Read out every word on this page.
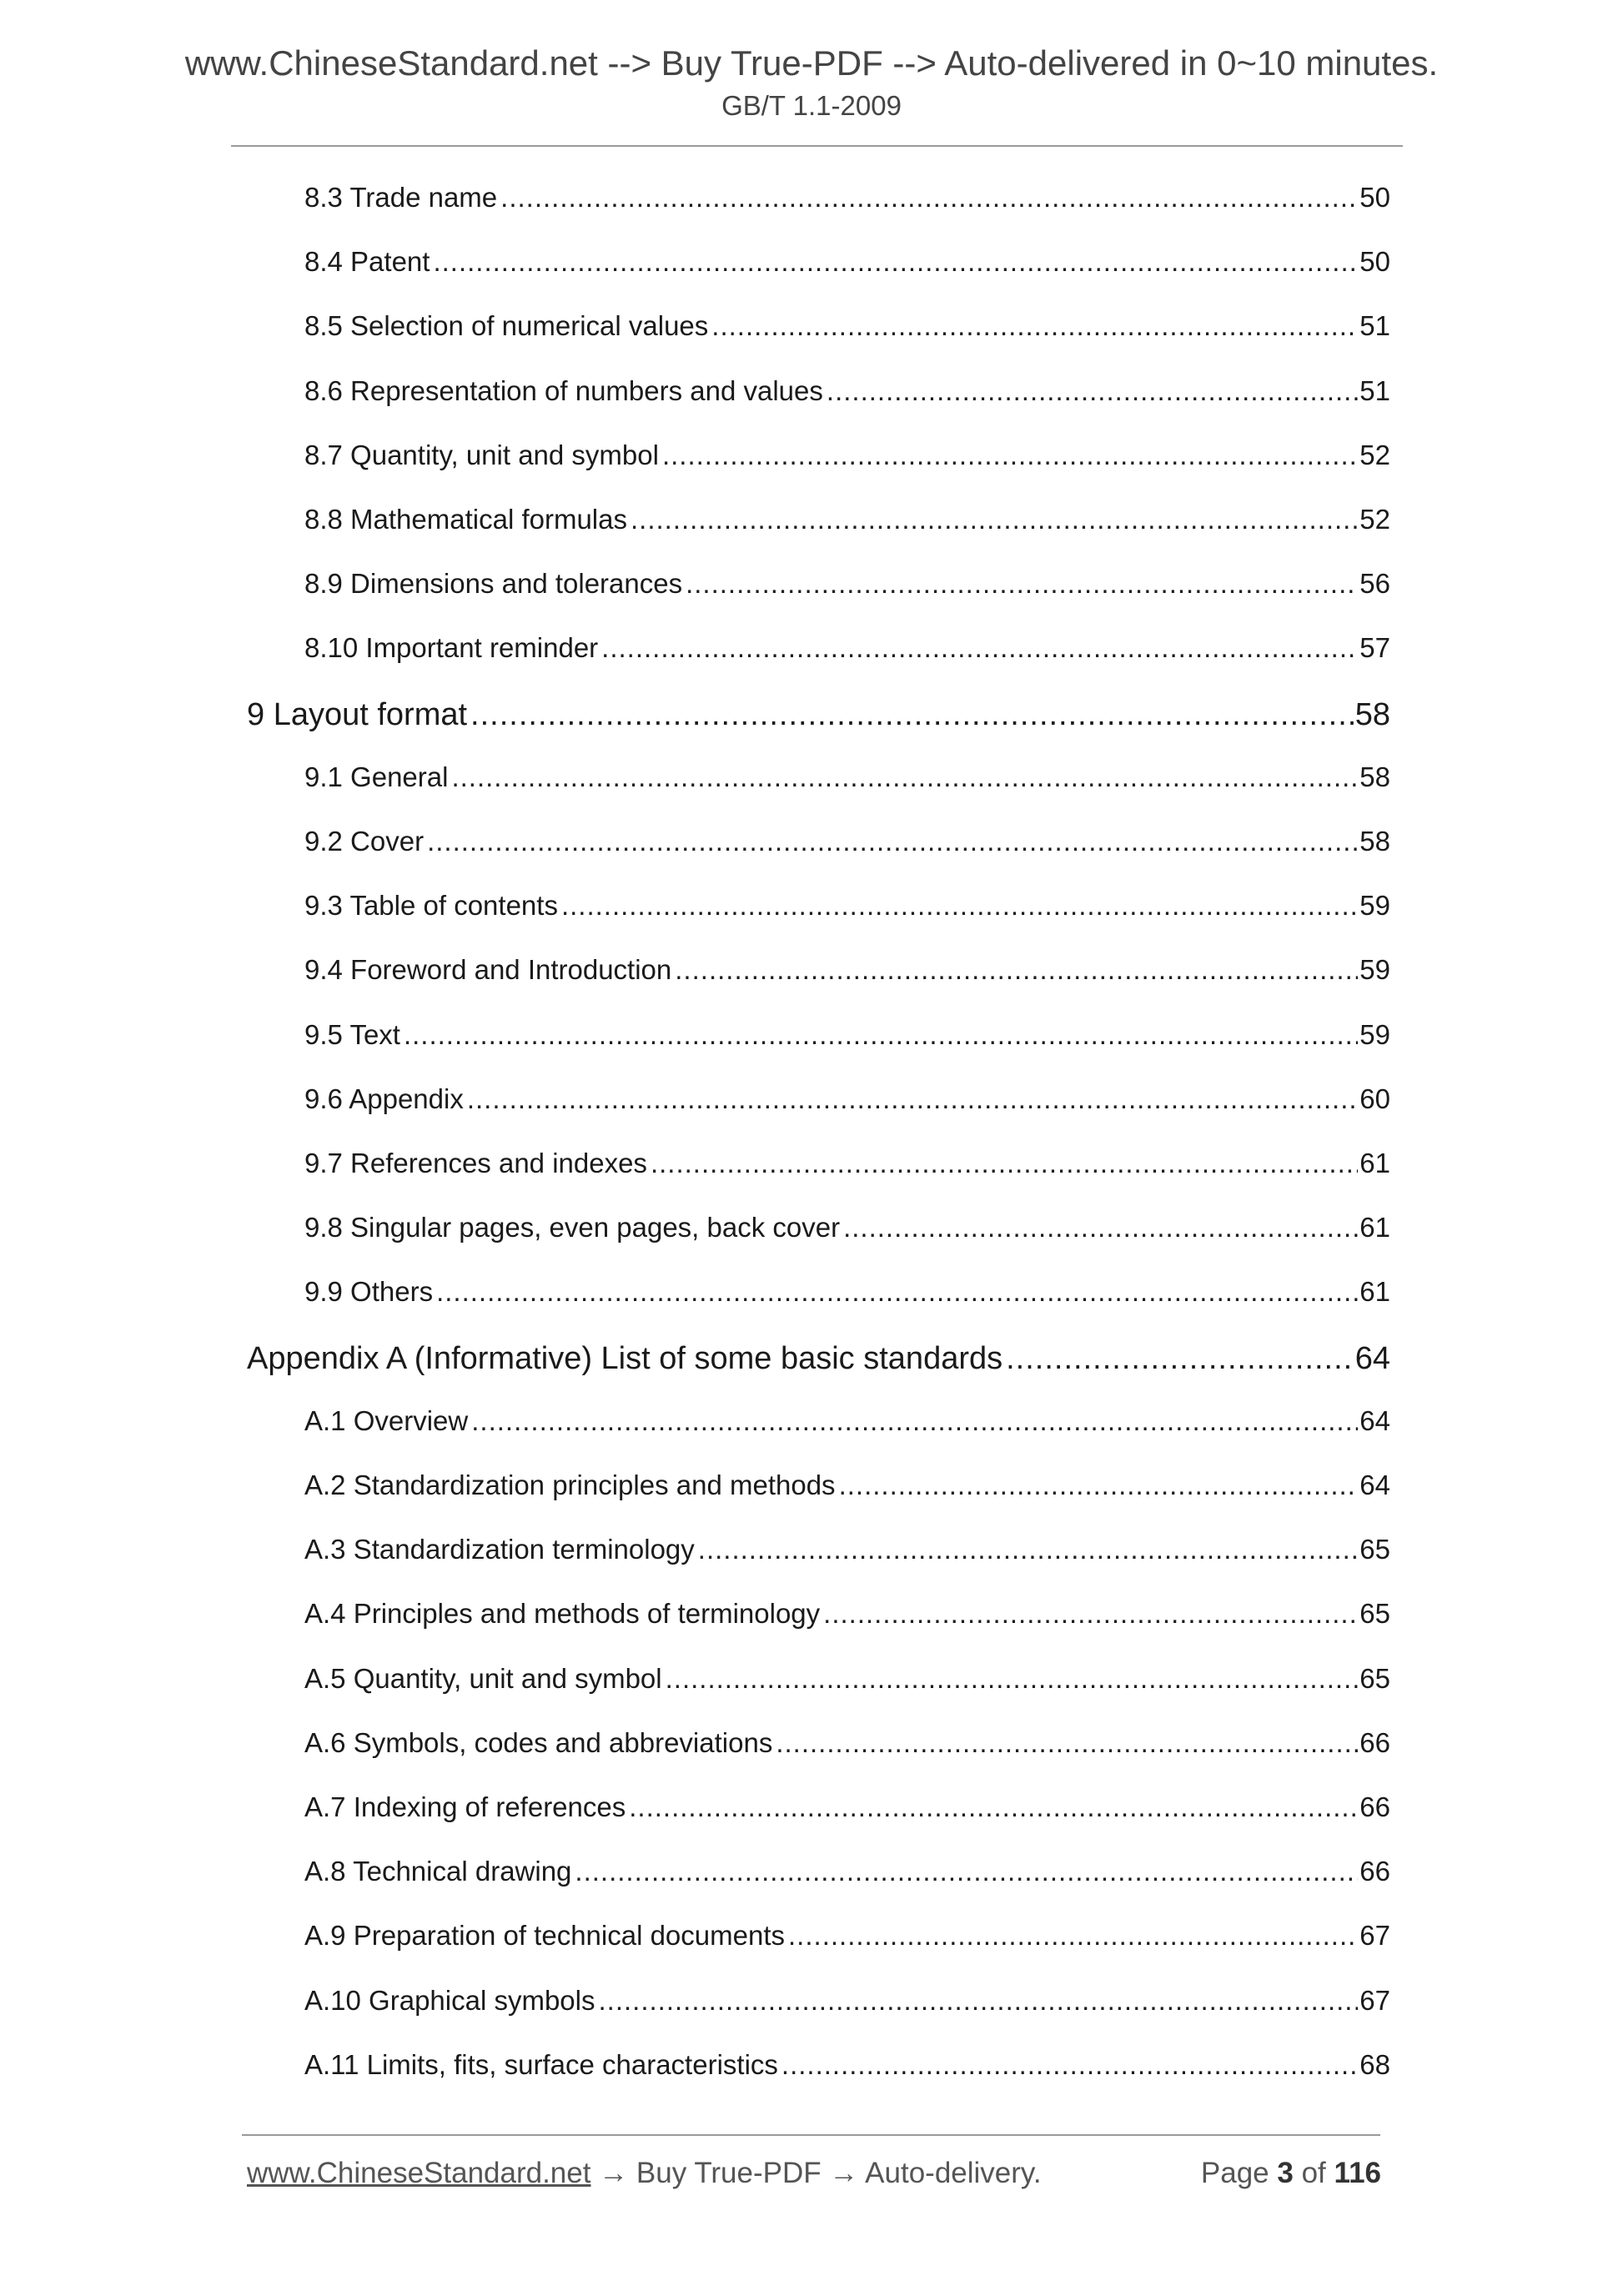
www.ChineseStandard.net --> Buy True-PDF --> Auto-delivered in 0~10 minutes.
GB/T 1.1-2009
8.3 Trade name .....	50
8.4 Patent .....	50
8.5 Selection of numerical values .....	51
8.6 Representation of numbers and values .....	51
8.7 Quantity, unit and symbol .....	52
8.8 Mathematical formulas .....	52
8.9 Dimensions and tolerances .....	56
8.10 Important reminder .....	57
9 Layout format .....	58
9.1 General .....	58
9.2 Cover .....	58
9.3 Table of contents .....	59
9.4 Foreword and Introduction .....	59
9.5 Text .....	59
9.6 Appendix .....	60
9.7 References and indexes .....	61
9.8 Singular pages, even pages, back cover .....	61
9.9 Others .....	61
Appendix A (Informative) List of some basic standards .....	64
A.1 Overview .....	64
A.2 Standardization principles and methods .....	64
A.3 Standardization terminology .....	65
A.4 Principles and methods of terminology .....	65
A.5 Quantity, unit and symbol .....	65
A.6 Symbols, codes and abbreviations .....	66
A.7 Indexing of references .....	66
A.8 Technical drawing .....	66
A.9 Preparation of technical documents .....	67
A.10 Graphical symbols .....	67
A.11 Limits, fits, surface characteristics .....	68
www.ChineseStandard.net → Buy True-PDF → Auto-delivery.	Page 3 of 116
